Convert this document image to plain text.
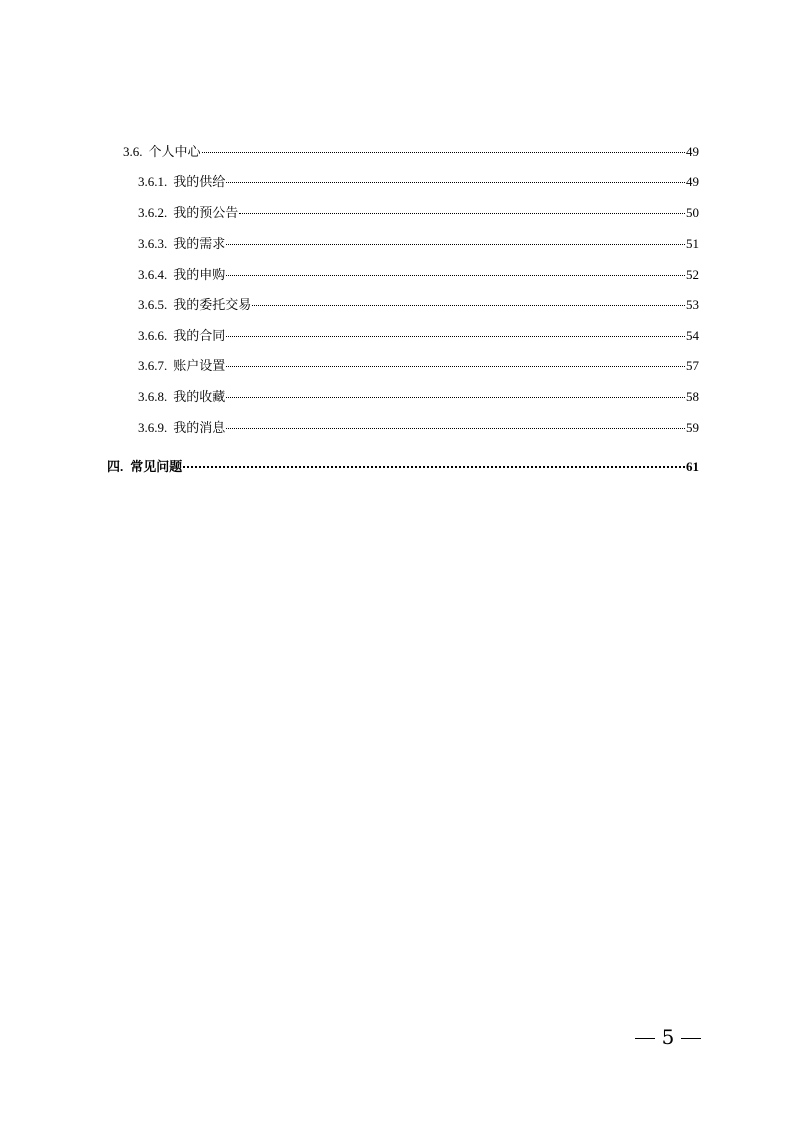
3.6. 个人中心	49
3.6.1. 我的供给	49
3.6.2. 我的预公告	50
3.6.3. 我的需求	51
3.6.4. 我的申购	52
3.6.5. 我的委托交易	53
3.6.6. 我的合同	54
3.6.7. 账户设置	57
3.6.8. 我的收藏	58
3.6.9. 我的消息	59
四. 常见问题	61
5
